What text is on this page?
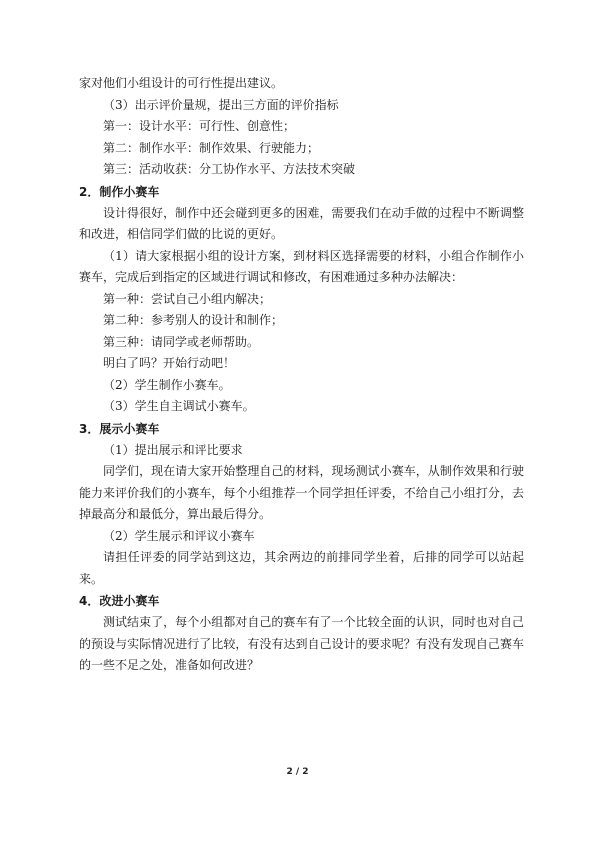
家对他们小组设计的可行性提出建议。

（3）出示评价量规，提出三方面的评价指标

第一：设计水平：可行性、创意性；

第二：制作水平：制作效果、行驶能力；

第三：活动收获：分工协作水平、方法技术突破

2．制作小赛车

设计得很好，制作中还会碰到更多的困难，需要我们在动手做的过程中不断调整和改进，相信同学们做的比说的更好。

（1）请大家根据小组的设计方案，到材料区选择需要的材料，小组合作制作小赛车，完成后到指定的区域进行调试和修改，有困难通过多种办法解决：

第一种：尝试自己小组内解决；

第二种：参考别人的设计和制作；

第三种：请同学或老师帮助。

明白了吗？开始行动吧！

（2）学生制作小赛车。

（3）学生自主调试小赛车。

3．展示小赛车

（1）提出展示和评比要求

同学们，现在请大家开始整理自己的材料，现场测试小赛车，从制作效果和行驶能力来评价我们的小赛车，每个小组推荐一个同学担任评委，不给自己小组打分，去掉最高分和最低分，算出最后得分。

（2）学生展示和评议小赛车

请担任评委的同学站到这边，其余两边的前排同学坐着，后排的同学可以站起来。

4．改进小赛车

测试结束了，每个小组都对自己的赛车有了一个比较全面的认识，同时也对自己的预设与实际情况进行了比较，有没有达到自己设计的要求呢？有没有发现自己赛车的一些不足之处，准备如何改进？

2 / 2
